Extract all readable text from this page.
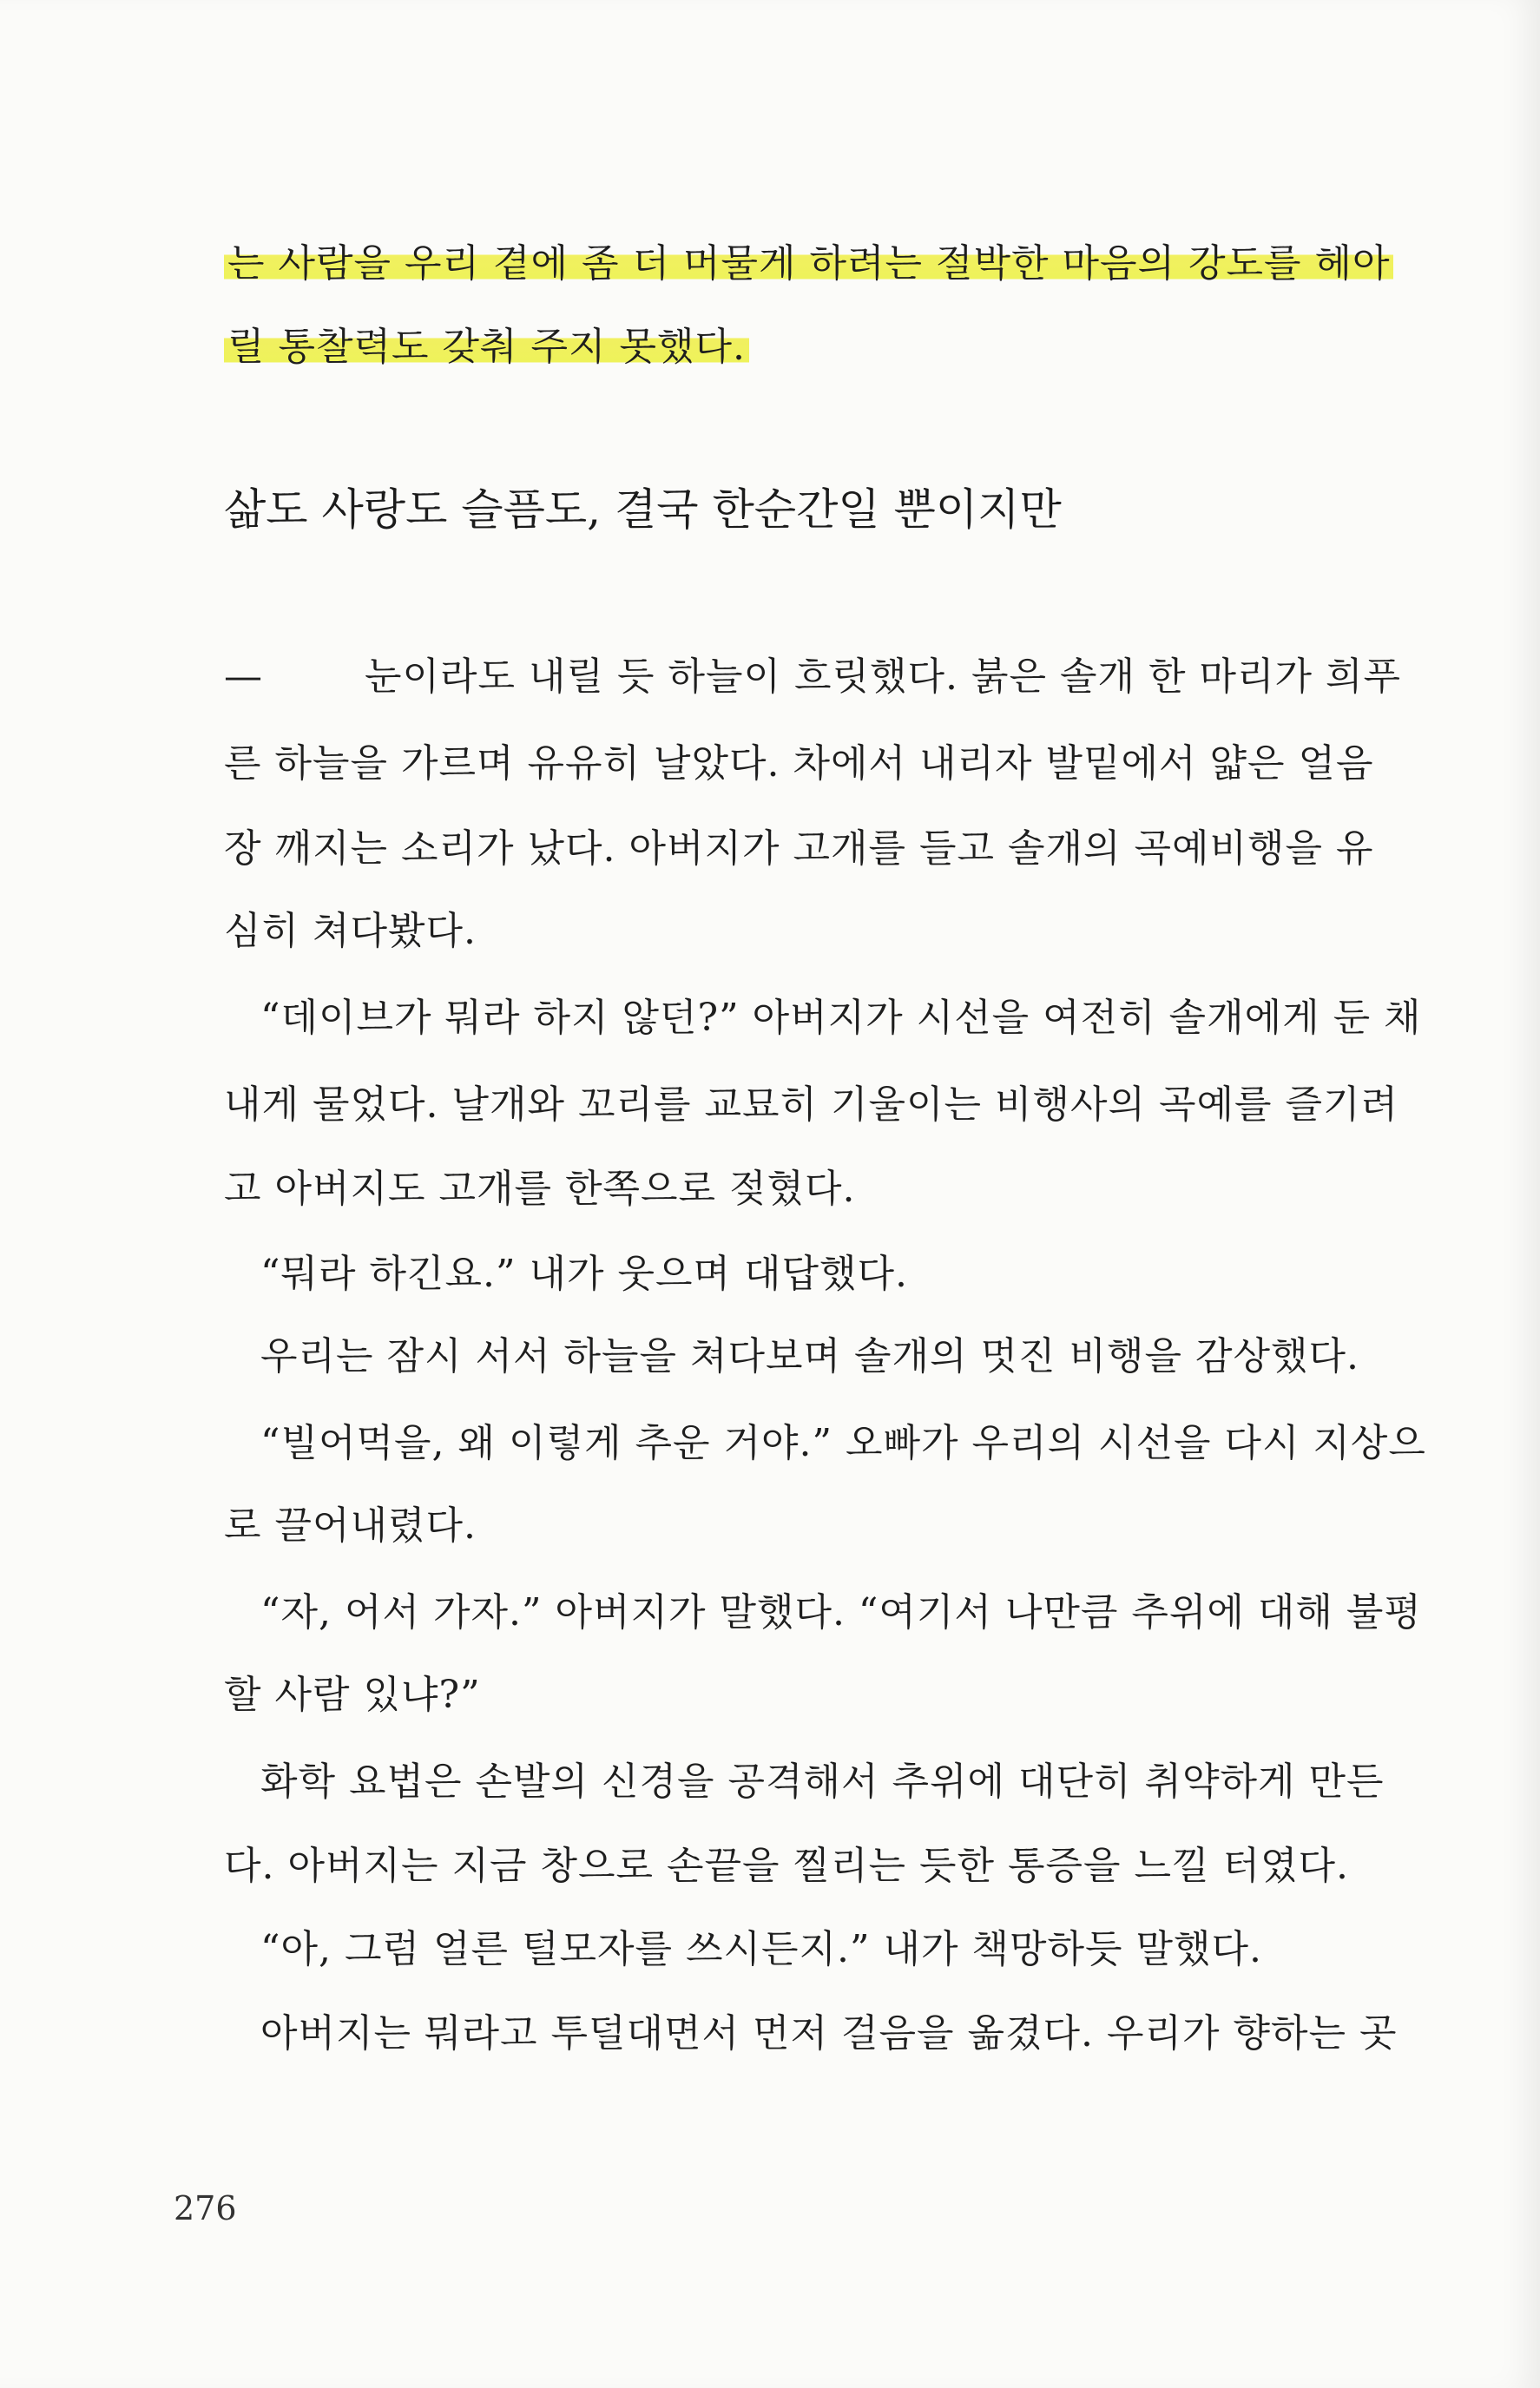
는 사람을 우리 곁에 좀 더 머물게 하려는 절박한 마음의 강도를 헤아
릴 통찰력도 갖춰 주지 못했다.
삶도 사랑도 슬픔도, 결국 한순간일 뿐이지만
—	눈이라도 내릴 듯 하늘이 흐릿했다. 붉은 솔개 한 마리가 희푸
른 하늘을 가르며 유유히 날았다. 차에서 내리자 발밑에서 얇은 얼음
장 깨지는 소리가 났다. 아버지가 고개를 들고 솔개의 곡예비행을 유
심히 쳐다봤다.
“데이브가 뭐라 하지 않던?” 아버지가 시선을 여전히 솔개에게 둔 채
내게 물었다. 날개와 꼬리를 교묘히 기울이는 비행사의 곡예를 즐기려
고 아버지도 고개를 한쪽으로 젖혔다.
“뭐라 하긴요.” 내가 웃으며 대답했다.
우리는 잠시 서서 하늘을 쳐다보며 솔개의 멋진 비행을 감상했다.
“빌어먹을, 왜 이렇게 추운 거야.” 오빠가 우리의 시선을 다시 지상으
로 끌어내렸다.
“자, 어서 가자.” 아버지가 말했다. “여기서 나만큼 추위에 대해 불평
할 사람 있냐?”
화학 요법은 손발의 신경을 공격해서 추위에 대단히 취약하게 만든
다. 아버지는 지금 창으로 손끝을 찔리는 듯한 통증을 느낄 터였다.
“아, 그럼 얼른 털모자를 쓰시든지.” 내가 책망하듯 말했다.
아버지는 뭐라고 투덜대면서 먼저 걸음을 옮겼다. 우리가 향하는 곳
276
